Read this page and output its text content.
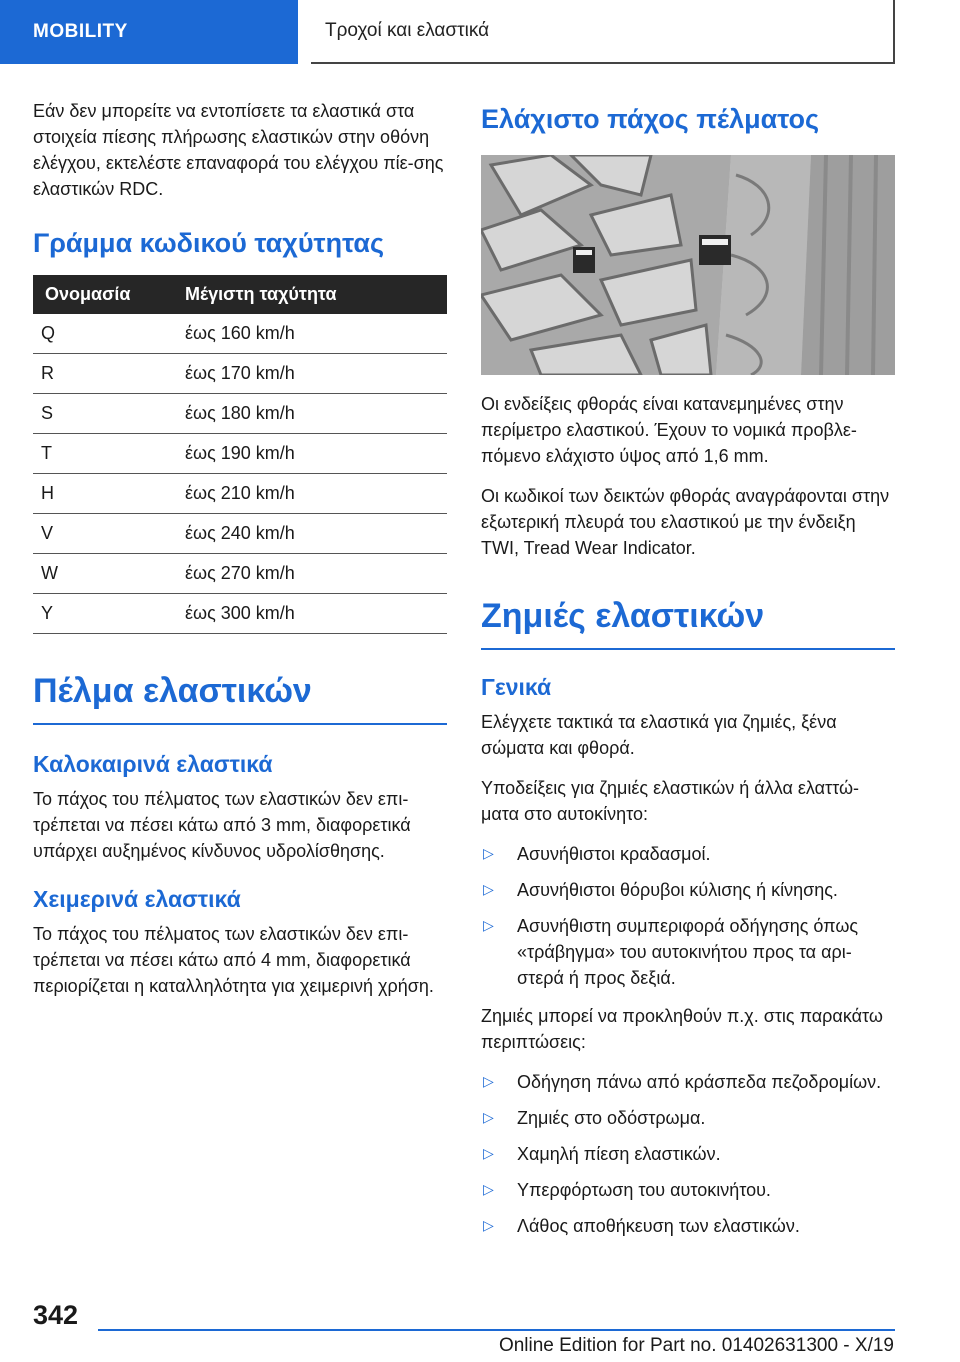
MOBILITY	Τροχοί και ελαστικά

Εάν δεν μπορείτε να εντοπίσετε τα ελαστικά στα στοιχεία πίεσης πλήρωσης ελαστικών στην οθόνη ελέγχου, εκτελέστε επαναφορά του ελέγχου πίε-σης ελαστικών RDC.

Γράμμα κωδικού ταχύτητας
Ονομασία	Μέγιστη ταχύτητα
Q	έως 160 km/h
R	έως 170 km/h
S	έως 180 km/h
T	έως 190 km/h
H	έως 210 km/h
V	έως 240 km/h
W	έως 270 km/h
Y	έως 300 km/h
Πέλμα ελαστικών
Καλοκαιρινά ελαστικά

Το πάχος του πέλματος των ελαστικών δεν επι-τρέπεται να πέσει κάτω από 3 mm, διαφορετικά υπάρχει αυξημένος κίνδυνος υδρολίσθησης.

Χειμερινά ελαστικά

Το πάχος του πέλματος των ελαστικών δεν επι-τρέπεται να πέσει κάτω από 4 mm, διαφορετικά περιορίζεται η καταλληλότητα για χειμερινή χρήση.

Ελάχιστο πάχος πέλματος

Οι ενδείξεις φθοράς είναι κατανεμημένες στην περίμετρο ελαστικού. Έχουν το νομικά προβλε-πόμενο ελάχιστο ύψος από 1,6 mm.

Οι κωδικοί των δεικτών φθοράς αναγράφονται στην εξωτερική πλευρά του ελαστικού με την ένδειξη TWI, Tread Wear Indicator.

Ζημιές ελαστικών
Γενικά

Ελέγχετε τακτικά τα ελαστικά για ζημιές, ξένα σώματα και φθορά.

Υποδείξεις για ζημιές ελαστικών ή άλλα ελαττώ-ματα στο αυτοκίνητο:

▷ Ασυνήθιστοι κραδασμοί.
▷ Ασυνήθιστοι θόρυβοι κύλισης ή κίνησης.
▷ Ασυνήθιστη συμπεριφορά οδήγησης όπως «τράβηγμα» του αυτοκινήτου προς τα αρι-στερά ή προς δεξιά.

Ζημιές μπορεί να προκληθούν π.χ. στις παρακάτω περιπτώσεις:

▷ Οδήγηση πάνω από κράσπεδα πεζοδρομίων.
▷ Ζημιές στο οδόστρωμα.
▷ Χαμηλή πίεση ελαστικών.
▷ Υπερφόρτωση του αυτοκινήτου.
▷ Λάθος αποθήκευση των ελαστικών.
342
Online Edition for Part no. 01402631300 - X/19
